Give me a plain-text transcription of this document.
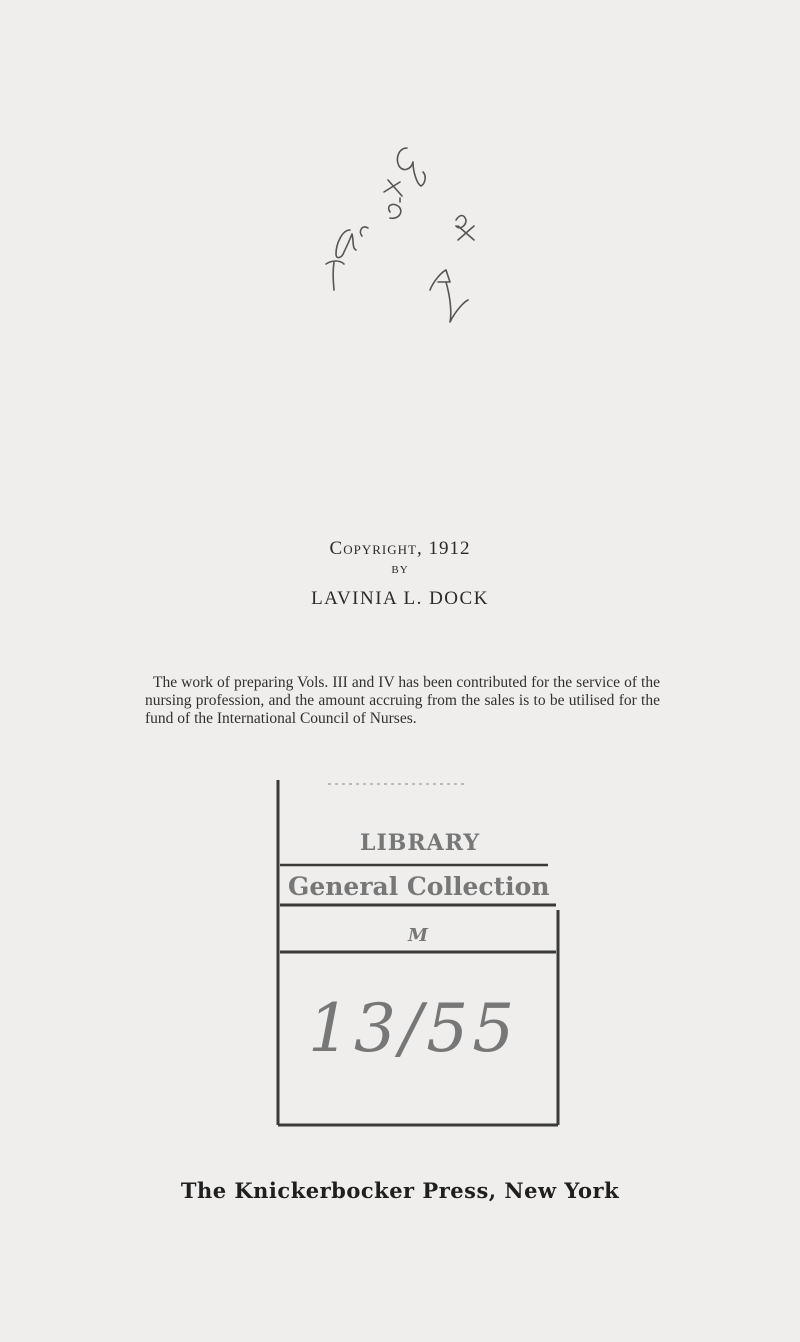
Copyright, 1912
BY
LAVINIA L. DOCK

The work of preparing Vols. III and IV has been contributed for the service of the nursing profession, and the amount accruing from the sales is to be utilised for the fund of the International Council of Nurses.

LIBRARY
General Collection
M
13/55
The Knickerbocker Press, New York
